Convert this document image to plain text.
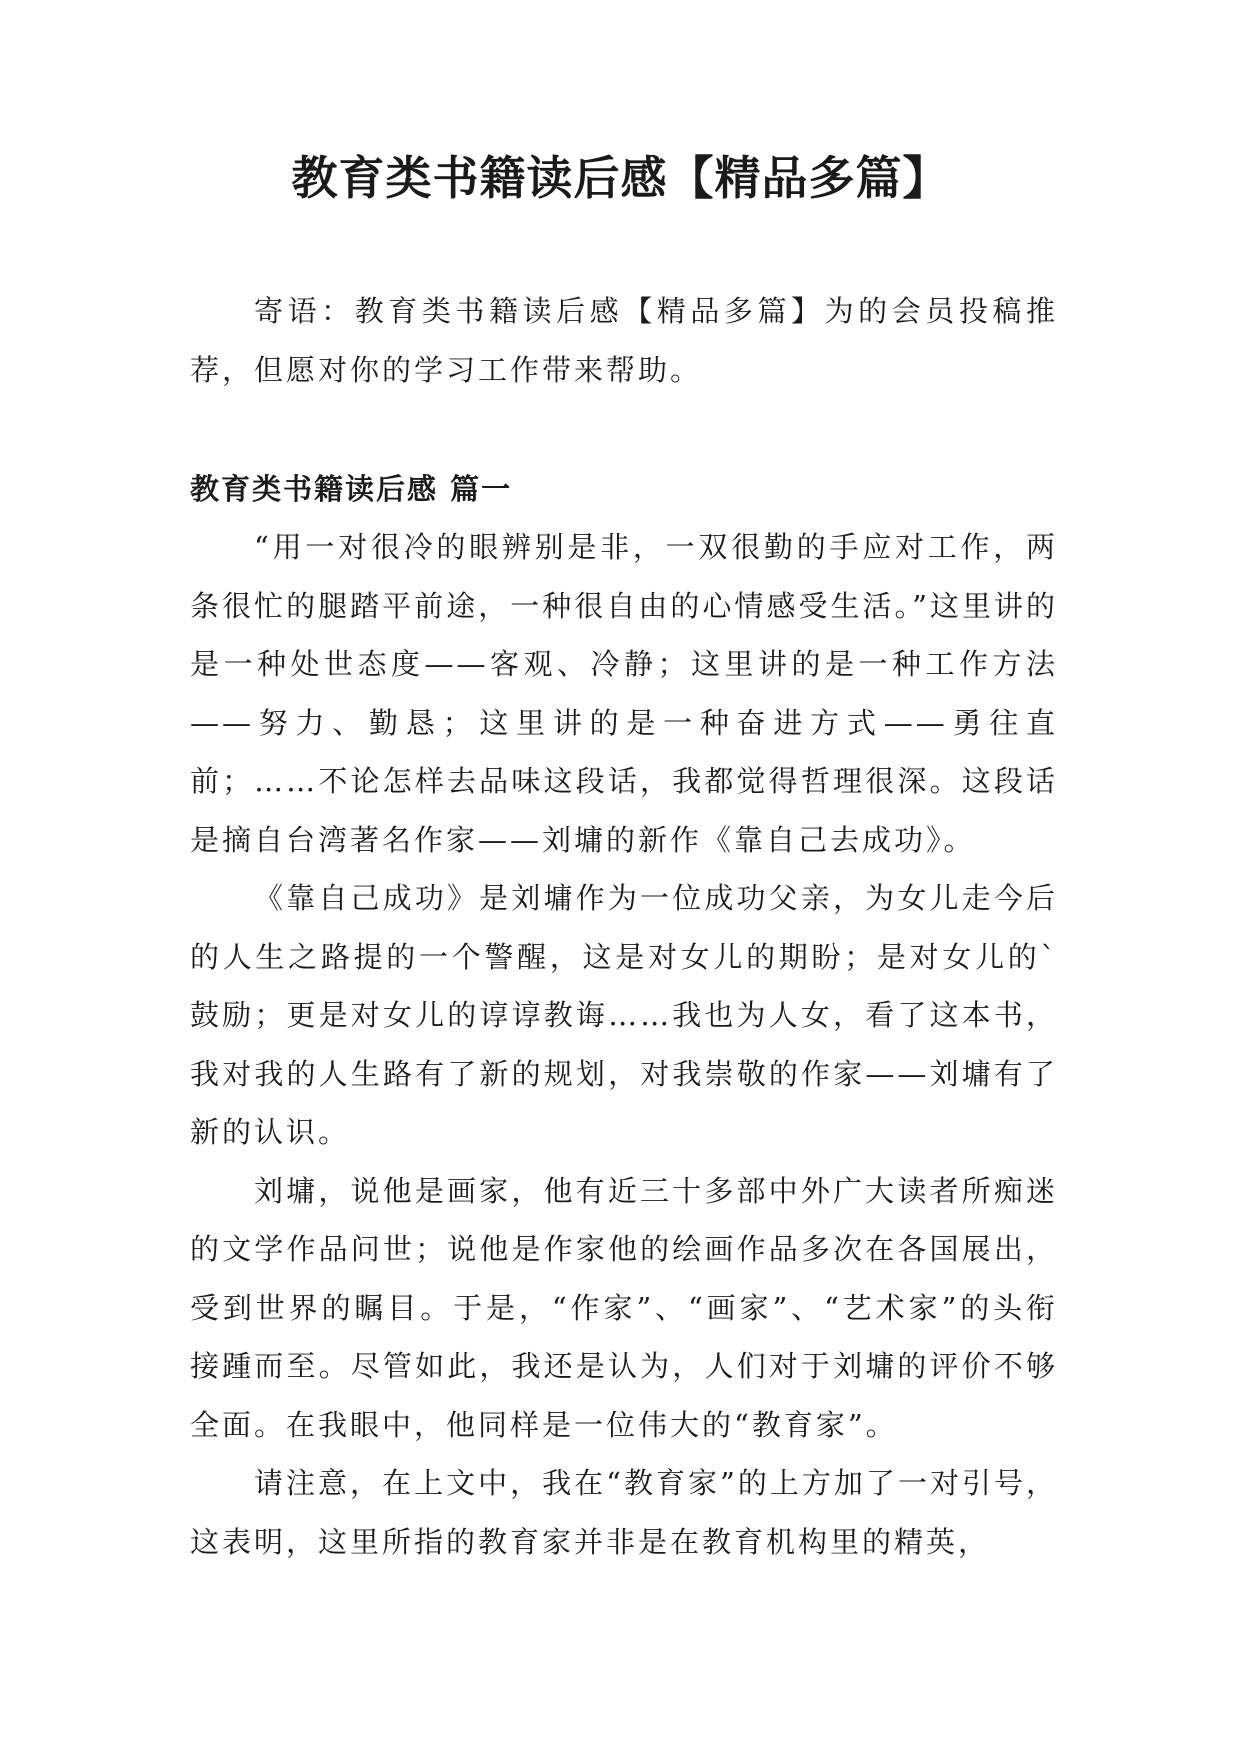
教育类书籍读后感【精品多篇】

寄语：教育类书籍读后感【精品多篇】为的会员投稿推荐，但愿对你的学习工作带来帮助。

教育类书籍读后感 篇一

“用一对很冷的眼辨别是非，一双很勤的手应对工作，两条很忙的腿踏平前途，一种很自由的心情感受生活。”这里讲的是一种处世态度——客观、冷静；这里讲的是一种工作方法——努力、勤恳；这里讲的是一种奋进方式——勇往直前；……不论怎样去品味这段话，我都觉得哲理很深。这段话是摘自台湾著名作家——刘墉的新作《靠自己去成功》。

《靠自己成功》是刘墉作为一位成功父亲，为女儿走今后的人生之路提的一个警醒，这是对女儿的期盼；是对女儿的`鼓励；更是对女儿的谆谆教诲……我也为人女，看了这本书，我对我的人生路有了新的规划，对我崇敬的作家——刘墉有了新的认识。

刘墉，说他是画家，他有近三十多部中外广大读者所痴迷的文学作品问世；说他是作家他的绘画作品多次在各国展出，受到世界的瞩目。于是，“作家”、“画家”、“艺术家”的头衔接踵而至。尽管如此，我还是认为，人们对于刘墉的评价不够全面。在我眼中，他同样是一位伟大的“教育家”。

请注意，在上文中，我在“教育家”的上方加了一对引号，这表明，这里所指的教育家并非是在教育机构里的精英，
